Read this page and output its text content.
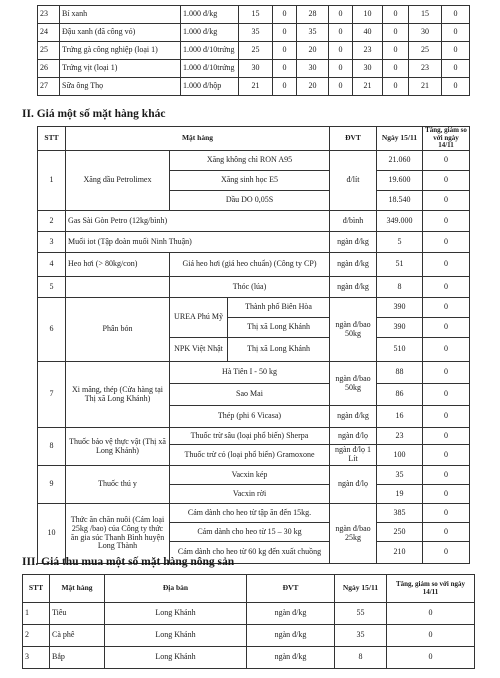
23	Bí xanh	1.000 đ/kg	15	0	28	0	10	0	15	0
24	Đậu xanh (đã công vỏ)	1.000 đ/kg	35	0	35	0	40	0	30	0
25	Trứng gà công nghiệp (loại 1)	1.000 đ/10trứng	25	0	20	0	23	0	25	0
26	Trứng vịt (loại 1)	1.000 đ/10trứng	30	0	30	0	30	0	23	0
27	Sữa ông Thọ	1.000 đ/hộp	21	0	20	0	21	0	21	0
II. Giá một số mặt hàng khác
STT	Mặt hàng			ĐVT	Ngày 15/11	Tăng, giảm so với ngày 14/11
1	Xăng dầu Petrolimex	Xăng không chì RON A95		đ/lít	21.060	0
		Xăng sinh học E5			19.600	0
		Dầu DO 0,05S			18.540	0
2	Gas Sài Gòn Petro (12kg/bình)			đ/bình	349.000	0
3	Muối iot (Tập đoàn muối Ninh Thuận)			ngàn đ/kg	5	0
4	Heo hơi (> 80kg/con)	Giá heo hơi (giá heo chuẩn) (Công ty CP)		ngàn đ/kg	51	0
5		Thóc (lúa)		ngàn đ/kg	8	0
6	Phân bón	UREA Phú Mỹ	Thành phố Biên Hòa	ngàn đ/bao 50kg	390	0
			Thị xã Long Khánh		390	0
		NPK Việt Nhật	Thị xã Long Khánh		510	0
7	Xi măng, thép (Cửa hàng tại Thị xã Long Khánh)	Hà Tiên I - 50 kg		ngàn đ/bao 50kg	88	0
		Sao Mai			86	0
		Thép (phi 6 Vicasa)		ngàn đ/kg	16	0
8	Thuốc bảo vệ thực vật (Thị xã Long Khánh)	Thuốc trừ sâu (loại phổ biến) Sherpa		ngàn đ/lọ	23	0
		Thuốc trừ cỏ (loại phổ biến) Gramoxone		ngàn đ/lọ 1 Lít	100	0
9	Thuốc thú y	Vacxin kép		ngàn đ/lọ	35	0
		Vacxin rời			19	0
10	Thức ăn chăn nuôi (Cám loại 25kg /bao) của Công ty thức ăn gia súc Thanh Bình huyện Long Thành	Cám dành cho heo từ tập ăn đến 15kg.		ngàn đ/bao 25kg	385	0
		Cám dành cho heo từ 15 – 30 kg			250	0
		Cám dành cho heo từ 60 kg đến xuất chuồng			210	0
III. Giá thu mua một số mặt hàng nông sản
STT	Mặt hàng	Địa bàn	ĐVT	Ngày 15/11	Tăng, giảm so với ngày 14/11
1	Tiêu	Long Khánh	ngàn đ/kg	55	0
2	Cà phê	Long Khánh	ngàn đ/kg	35	0
3	Bắp	Long Khánh	ngàn đ/kg	8	0
